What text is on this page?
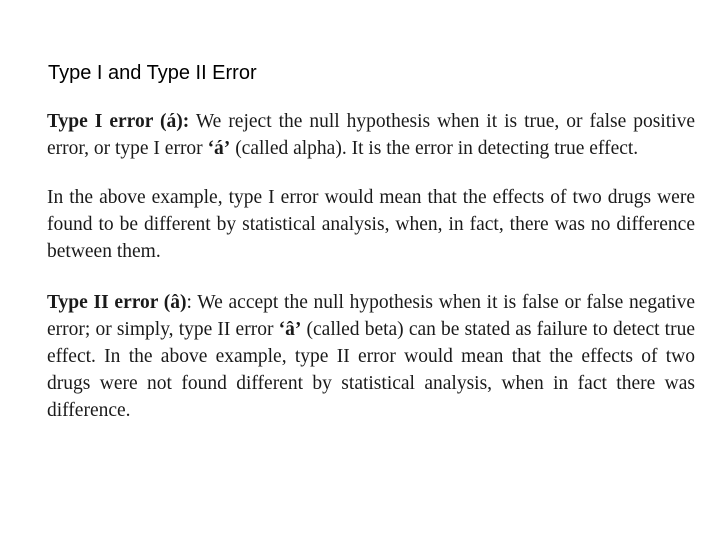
Type I and Type II Error

Type I error (á): We reject the null hypothesis when it is true, or false positive error, or type I error ‘á’ (called alpha). It is the error in detecting true effect.

In the above example, type I error would mean that the effects of two drugs were found to be different by statistical analysis, when, in fact, there was no difference between them.

Type II error (â): We accept the null hypothesis when it is false or false negative error; or simply, type II error ‘â’ (called beta) can be stated as failure to detect true effect. In the above example, type II error would mean that the effects of two drugs were not found different by statistical analysis, when in fact there was difference.
